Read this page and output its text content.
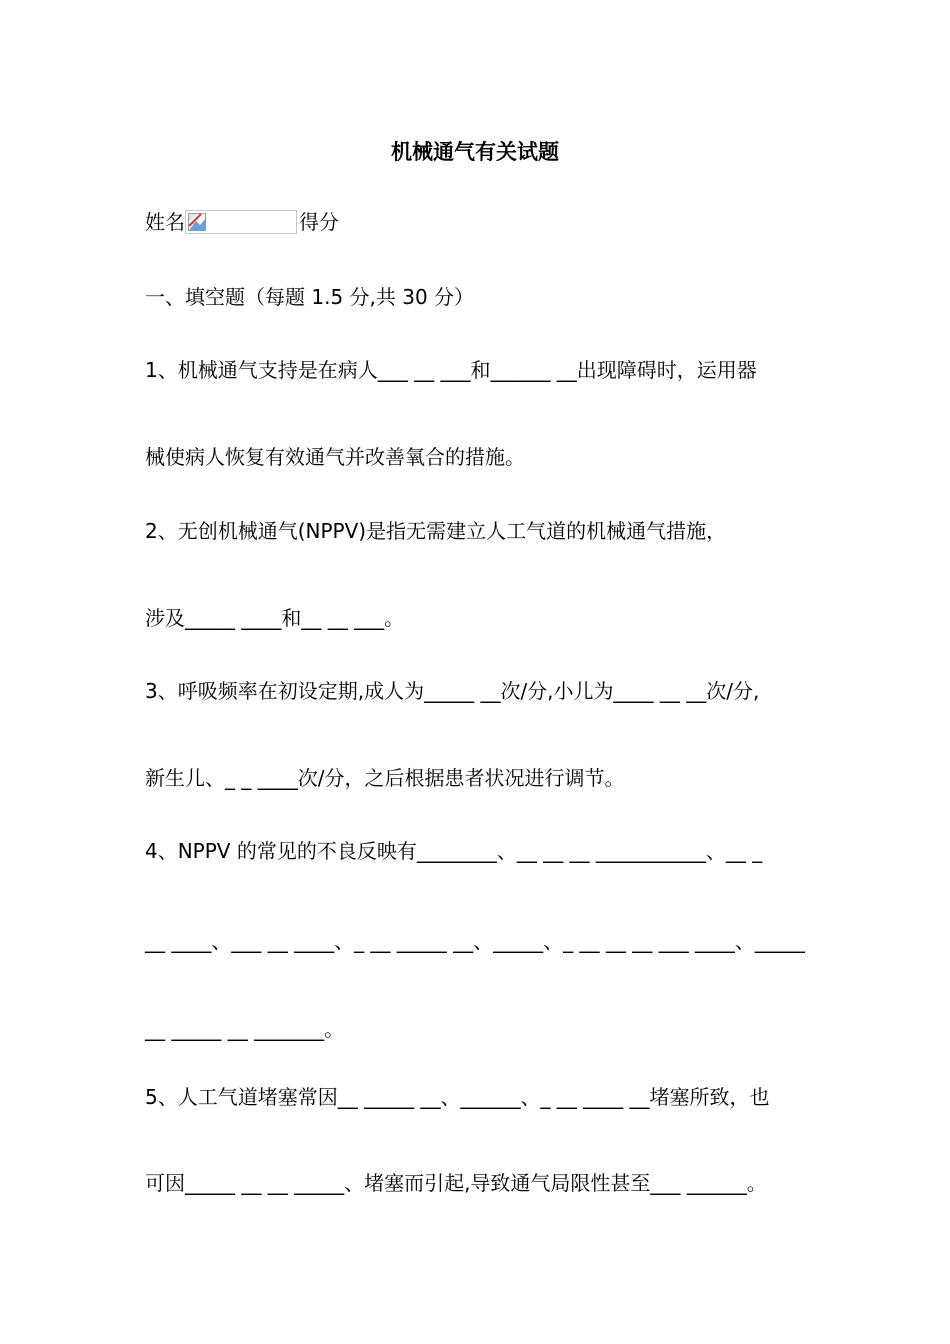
机械通气有关试题
姓名	得分
一、填空题（每题 1.5 分,共 30 分）
1、机械通气支持是在病人___ __ ___和______ __出现障碍时，运用器
械使病人恢复有效通气并改善氧合的措施。
2、无创机械通气(NPPV)是指无需建立人工气道的机械通气措施，
涉及_____ ____和__ __ ___。
3、呼吸频率在初设定期,成人为_____ __次/分,小儿为____ __ __次/分,
新生儿、_ _ ____次/分，之后根据患者状况进行调节。
4、NPPV 的常见的不良反映有________、__ __ __ ___________、__ _
__ ____、___ __ ____、_ __ _____ __、_____、_ __ __ __ ___ ____、_____
__ _____ __ _______。
5、人工气道堵塞常因__ _____ __、______、_ __ ____ __堵塞所致，也
可因_____ __ __ _____、堵塞而引起,导致通气局限性甚至___ ______。
